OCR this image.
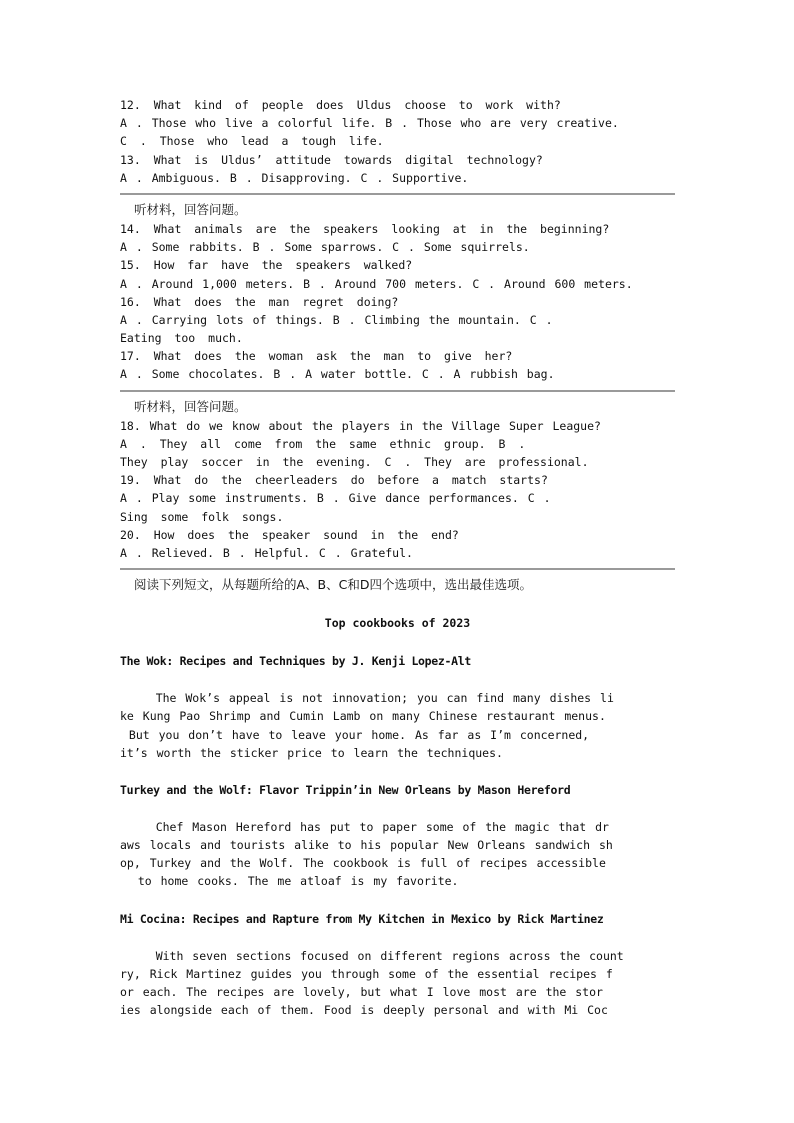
12. What kind of people does Uldus choose to work with?
A . Those who live a colorful life. B . Those who are very creative.
C . Those who lead a tough life.
13. What is Uldus’ attitude towards digital technology?
A . Ambiguous. B . Disapproving. C . Supportive.
听材料，回答问题。
14. What animals are the speakers looking at in the beginning?
A . Some rabbits. B . Some sparrows. C . Some squirrels.
15. How far have the speakers walked?
A . Around 1,000 meters. B . Around 700 meters. C . Around 600 meters.
16. What does the man regret doing?
A . Carrying lots of things. B . Climbing the mountain. C .
Eating too much.
17. What does the woman ask the man to give her?
A . Some chocolates. B . A water bottle. C . A rubbish bag.
听材料，回答问题。
18. What do we know about the players in the Village Super League?
A . They all come from the same ethnic group. B .
They play soccer in the evening. C . They are professional.
19. What do the cheerleaders do before a match starts?
A . Play some instruments. B . Give dance performances. C .
Sing some folk songs.
20. How does the speaker sound in the end?
A . Relieved. B . Helpful. C . Grateful.
阅读下列短文，从每题所给的A、B、C和D四个选项中，选出最佳选项。
Top cookbooks of 2023
The Wok: Recipes and Techniques by J. Kenji Lopez-Alt
The Wok’s appeal is not innovation; you can find many dishes li
ke Kung Pao Shrimp and Cumin Lamb on many Chinese restaurant menus.
But you don’t have to leave your home. As far as I’m concerned,
it’s worth the sticker price to learn the techniques.
Turkey and the Wolf: Flavor Trippin’in New Orleans by Mason Hereford
Chef Mason Hereford has put to paper some of the magic that dr
aws locals and tourists alike to his popular New Orleans sandwich sh
op, Turkey and the Wolf. The cookbook is full of recipes accessible
to home cooks. The me atloaf is my favorite.
Mi Cocina: Recipes and Rapture from My Kitchen in Mexico by Rick Martinez
With seven sections focused on different regions across the count
ry, Rick Martinez guides you through some of the essential recipes f
or each. The recipes are lovely, but what I love most are the stor
ies alongside each of them. Food is deeply personal and with Mi Coc
